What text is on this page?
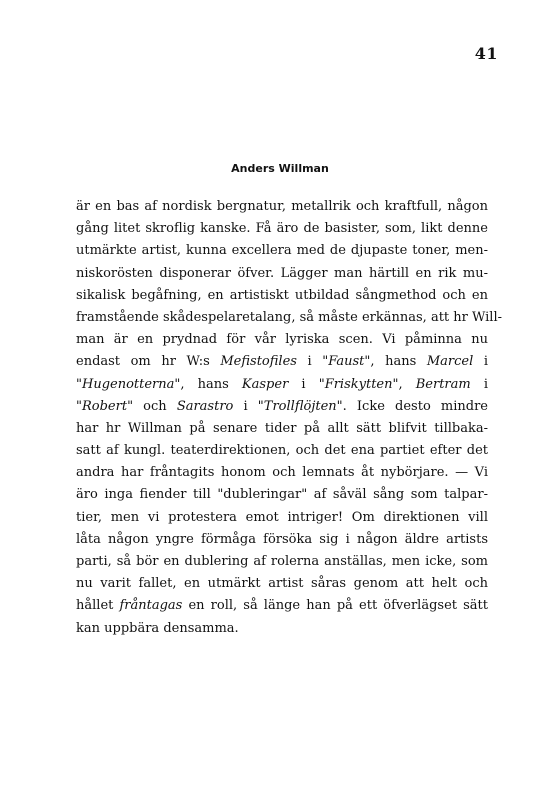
41
Anders Willman
är en bas af nordisk bergnatur, metallrik och kraftfull, någon
gång litet skroflig kanske. Få äro de basister, som, likt denne
utmärkte artist, kunna excellera med de djupaste toner, men-
niskorösten disponerar öfver. Lägger man härtill en rik mu-
sikalisk begåfning, en artistiskt utbildad sångmethod och en
framstående skådespelaretalang, så måste erkännas, att hr Will-
man är en prydnad för vår lyriska scen. Vi påminna nu
endast om hr W:s Mefistofiles i "Faust", hans Marcel i
"Hugenotterna", hans Kasper i "Friskytten", Bertram i
"Robert" och Sarastro i "Trollflöjten". Icke desto mindre
har hr Willman på senare tider på allt sätt blifvit tillbaka-
satt af kungl. teaterdirektionen, och det ena partiet efter det
andra har fråntagits honom och lemnats åt nybörjare. — Vi
äro inga fiender till "dubleringar" af såväl sång som talpar-
tier, men vi protestera emot intriger! Om direktionen vill
låta någon yngre förmåga försöka sig i någon äldre artists
parti, så bör en dublering af rolerna anställas, men icke, som
nu varit fallet, en utmärkt artist såras genom att helt och
hållet fråntagas en roll, så länge han på ett öfverlägset sätt
kan uppbära densamma.
